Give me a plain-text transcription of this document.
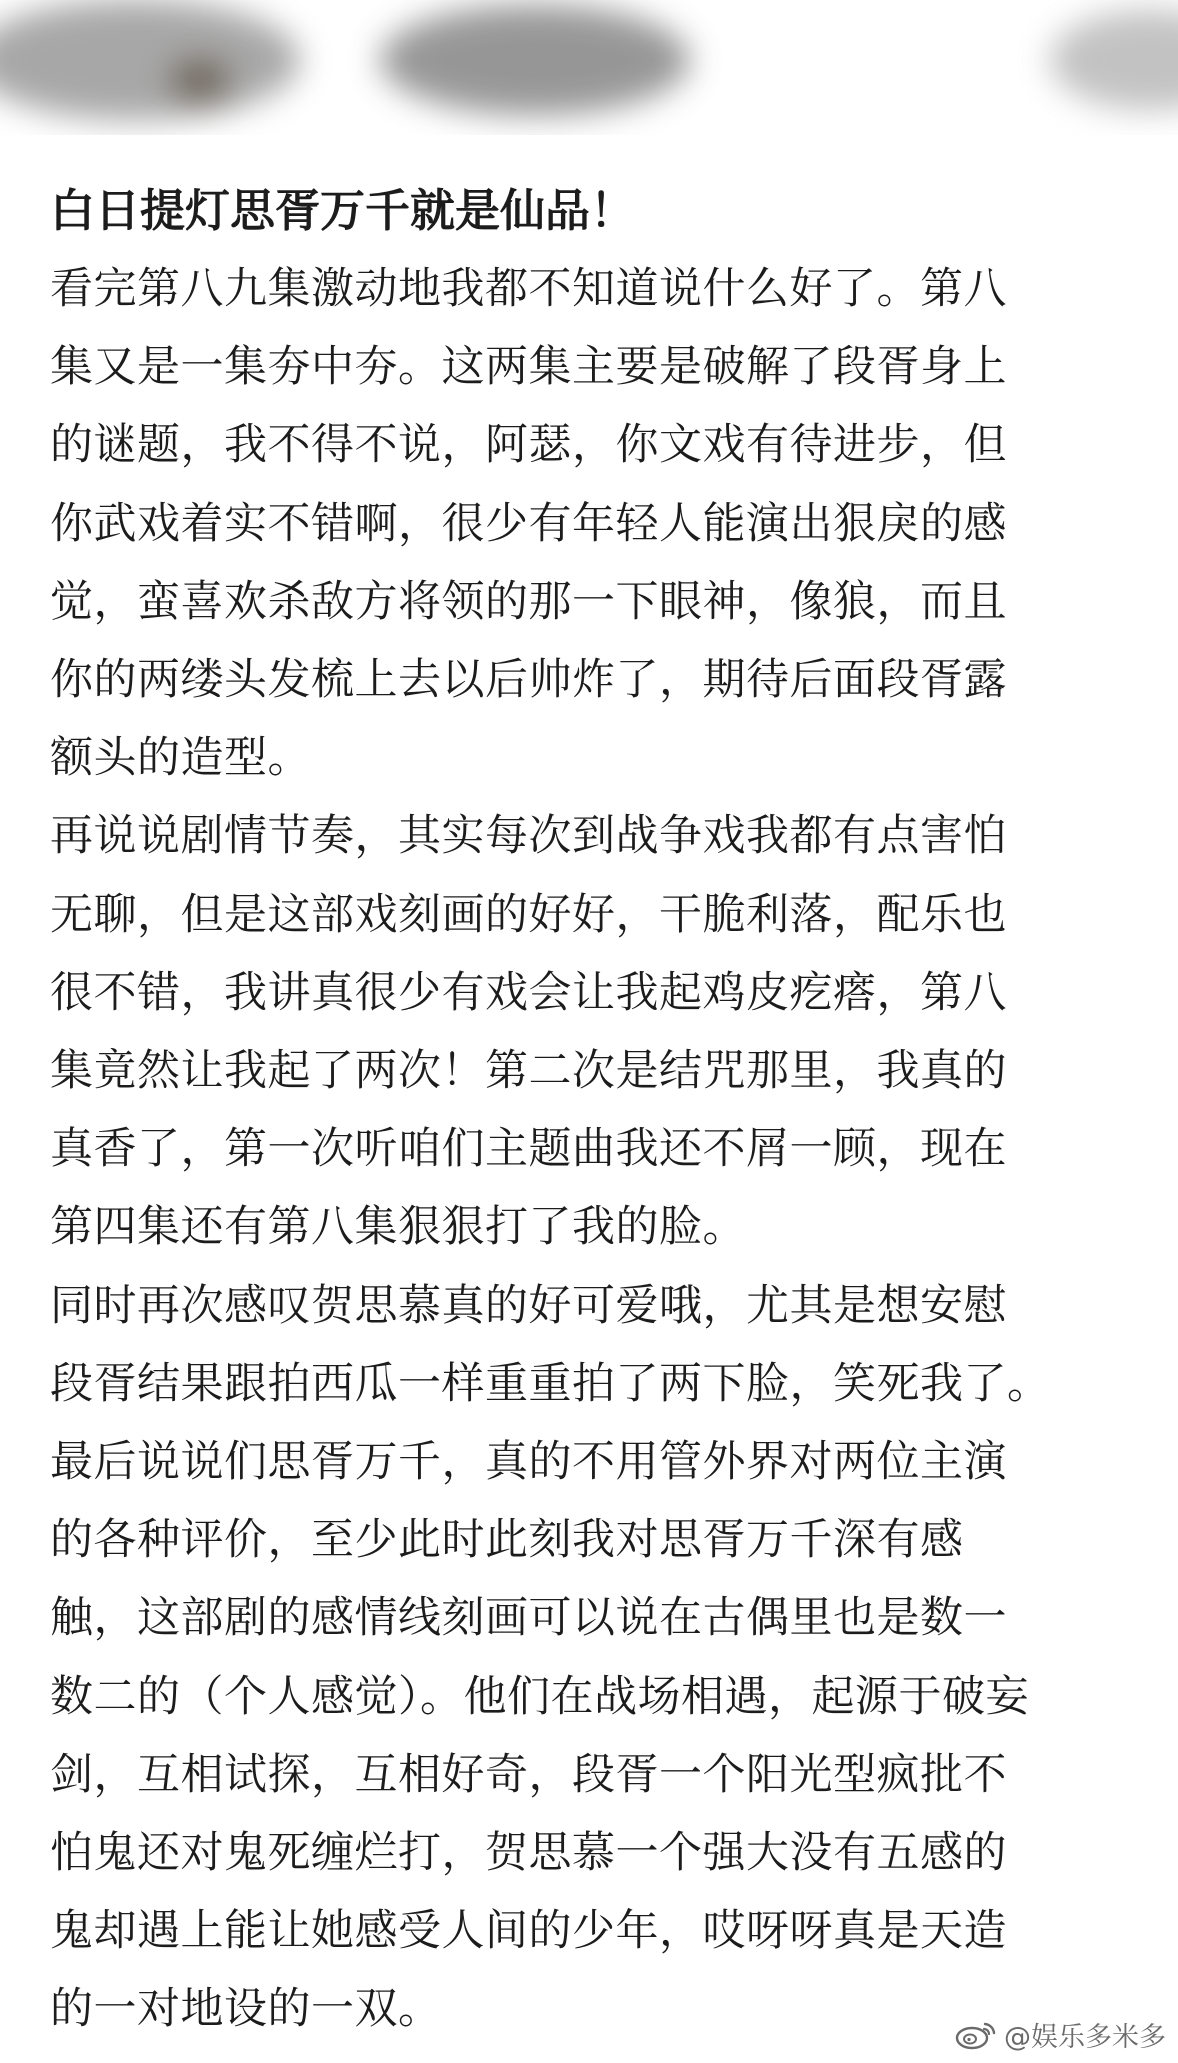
白日提灯思胥万千就是仙品！
看完第八九集激动地我都不知道说什么好了。第八
集又是一集夯中夯。这两集主要是破解了段胥身上
的谜题，我不得不说，阿瑟，你文戏有待进步，但
你武戏着实不错啊，很少有年轻人能演出狠戾的感
觉，蛮喜欢杀敌方将领的那一下眼神，像狼，而且
你的两缕头发梳上去以后帅炸了，期待后面段胥露
额头的造型。
再说说剧情节奏，其实每次到战争戏我都有点害怕
无聊，但是这部戏刻画的好好，干脆利落，配乐也
很不错，我讲真很少有戏会让我起鸡皮疙瘩，第八
集竟然让我起了两次！第二次是结咒那里，我真的
真香了，第一次听咱们主题曲我还不屑一顾，现在
第四集还有第八集狠狠打了我的脸。
同时再次感叹贺思慕真的好可爱哦，尤其是想安慰
段胥结果跟拍西瓜一样重重拍了两下脸，笑死我了。
最后说说们思胥万千，真的不用管外界对两位主演
的各种评价，至少此时此刻我对思胥万千深有感
触，这部剧的感情线刻画可以说在古偶里也是数一
数二的（个人感觉）。他们在战场相遇，起源于破妄
剑，互相试探，互相好奇，段胥一个阳光型疯批不
怕鬼还对鬼死缠烂打，贺思慕一个强大没有五感的
鬼却遇上能让她感受人间的少年，哎呀呀真是天造
的一对地设的一双。
@娱乐多米多
